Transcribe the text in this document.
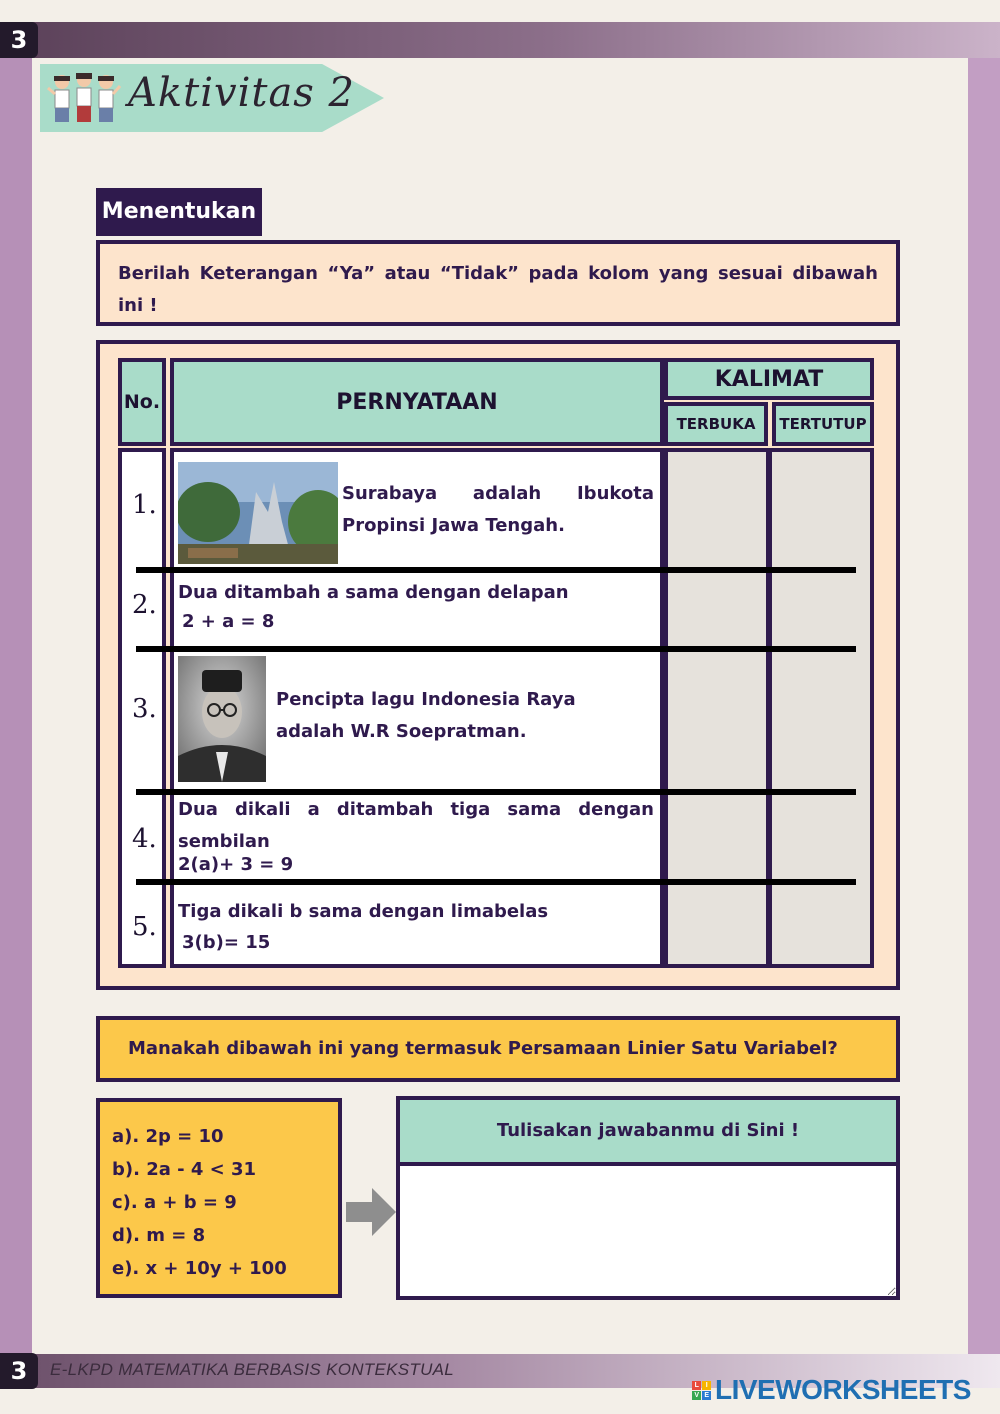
3
3	E-LKPD MATEMATIKA BERBASIS KONTEKSTUAL
L	I
V E LIVEWORKSHEETS
Aktivitas 2
Menentukan
Berilah Keterangan “Ya” atau “Tidak” pada kolom yang sesuai dibawah ini !
No.	PERNYATAAN
KALIMAT
TERBUKA	TERTUTUP
1.	Surabaya adalah Ibukota
Propinsi Jawa Tengah.
2. Dua ditambah a sama dengan delapan
2 + a = 8
3.	Pencipta lagu Indonesia Raya
adalah W.R Soepratman.
4.
Dua dikali a ditambah tiga sama dengan
sembilan
2(a)+ 3 = 9
5.
Tiga dikali b sama dengan limabelas
3(b)= 15
Manakah dibawah ini yang termasuk Persamaan Linier Satu Variabel?
a). 2p = 10
b). 2a - 4 < 31
c). a + b = 9
d). m = 8
e). x + 10y + 100
Tulisakan jawabanmu di Sini !
